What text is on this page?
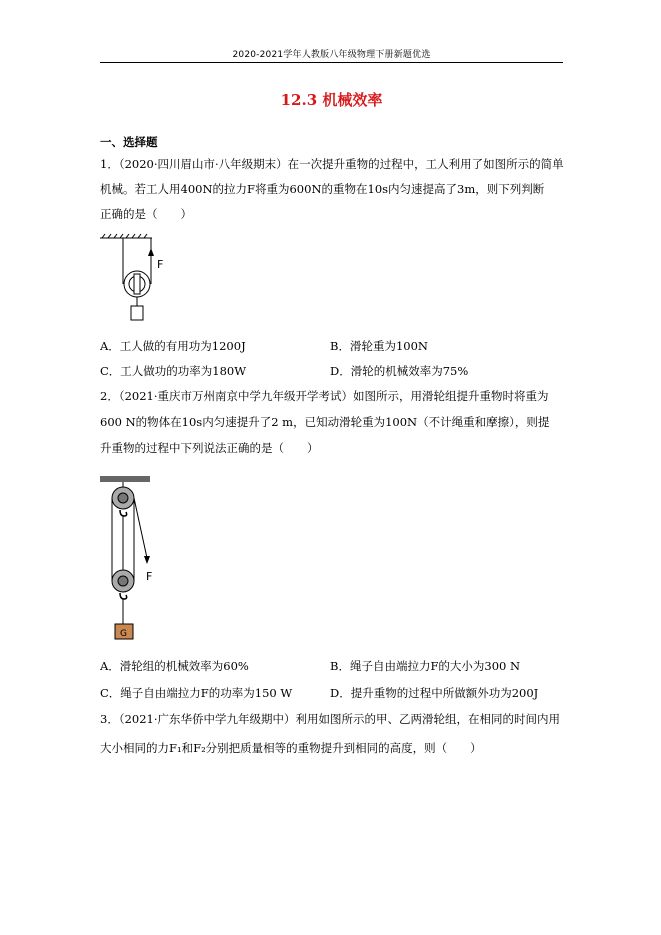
2020-2021学年人教版八年级物理下册新题优选
12.3 机械效率
一、选择题
1．（2020·四川眉山市·八年级期末）在一次提升重物的过程中，工人利用了如图所示的简单
机械。若工人用400N的拉力F将重为600N的重物在10s内匀速提高了3m，则下列判断
正确的是（　　）
F
A．工人做的有用功为1200J	B．滑轮重为100N
C．工人做功的功率为180W	D．滑轮的机械效率为75%
2．（2021·重庆市万州南京中学九年级开学考试）如图所示，用滑轮组提升重物时将重为
600 N的物体在10s内匀速提升了2 m，已知动滑轮重为100N（不计绳重和摩擦），则提
升重物的过程中下列说法正确的是（　　）
F
G
A．滑轮组的机械效率为60%	B．绳子自由端拉力F的大小为300 N
C．绳子自由端拉力F的功率为150 W	D．提升重物的过程中所做额外功为200J
3．（2021·广东华侨中学九年级期中）利用如图所示的甲、乙两滑轮组，在相同的时间内用
大小相同的力F₁和F₂分别把质量相等的重物提升到相同的高度，则（　　）
